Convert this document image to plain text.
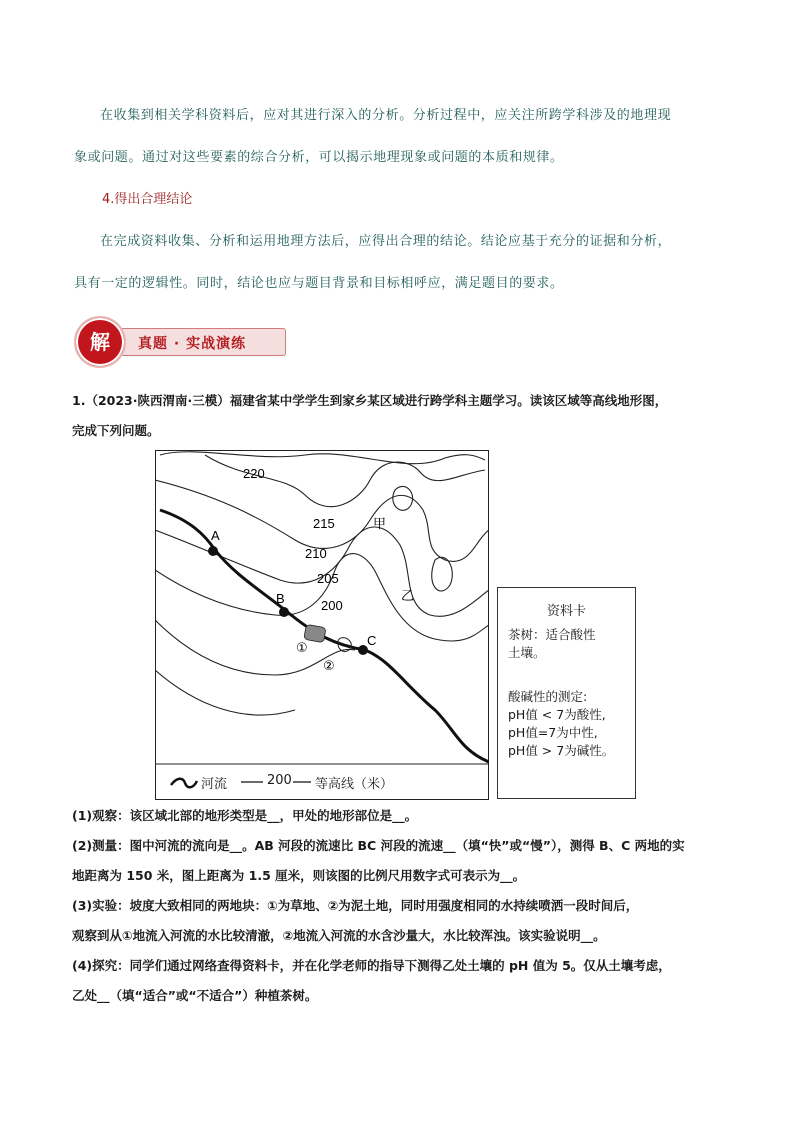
在收集到相关学科资料后，应对其进行深入的分析。分析过程中，应关注所跨学科涉及的地理现
象或问题。通过对这些要素的综合分析，可以揭示地理现象或问题的本质和规律。
4.得出合理结论
在完成资料收集、分析和运用地理方法后，应得出合理的结论。结论应基于充分的证据和分析，
具有一定的逻辑性。同时，结论也应与题目背景和目标相呼应，满足题目的要求。
解	真题 · 实战演练
1.（2023·陕西渭南·三模）福建省某中学学生到家乡某区域进行跨学科主题学习。读该区域等高线地形图，
完成下列问题。
220
215
210
205
200
甲
乙
A
B
C
①
②
河流	200 等高线（米）
资料卡
茶树：适合酸性
土壤。
酸碱性的测定:
pH值 < 7为酸性,
pH值=7为中性,
pH值 > 7为碱性。
(1)观察：该区域北部的地形类型是__，甲处的地形部位是__。
(2)测量：图中河流的流向是__。AB 河段的流速比 BC 河段的流速__（填“快”或“慢”），测得 B、C 两地的实
地距离为 150 米，图上距离为 1.5 厘米，则该图的比例尺用数字式可表示为__。
(3)实验：坡度大致相同的两地块：①为草地、②为泥土地，同时用强度相同的水持续喷洒一段时间后，
观察到从①地流入河流的水比较清澈，②地流入河流的水含沙量大，水比较浑浊。该实验说明__。
(4)探究：同学们通过网络查得资料卡，并在化学老师的指导下测得乙处土壤的 pH 值为 5。仅从土壤考虑，
乙处__（填“适合”或“不适合”）种植茶树。
